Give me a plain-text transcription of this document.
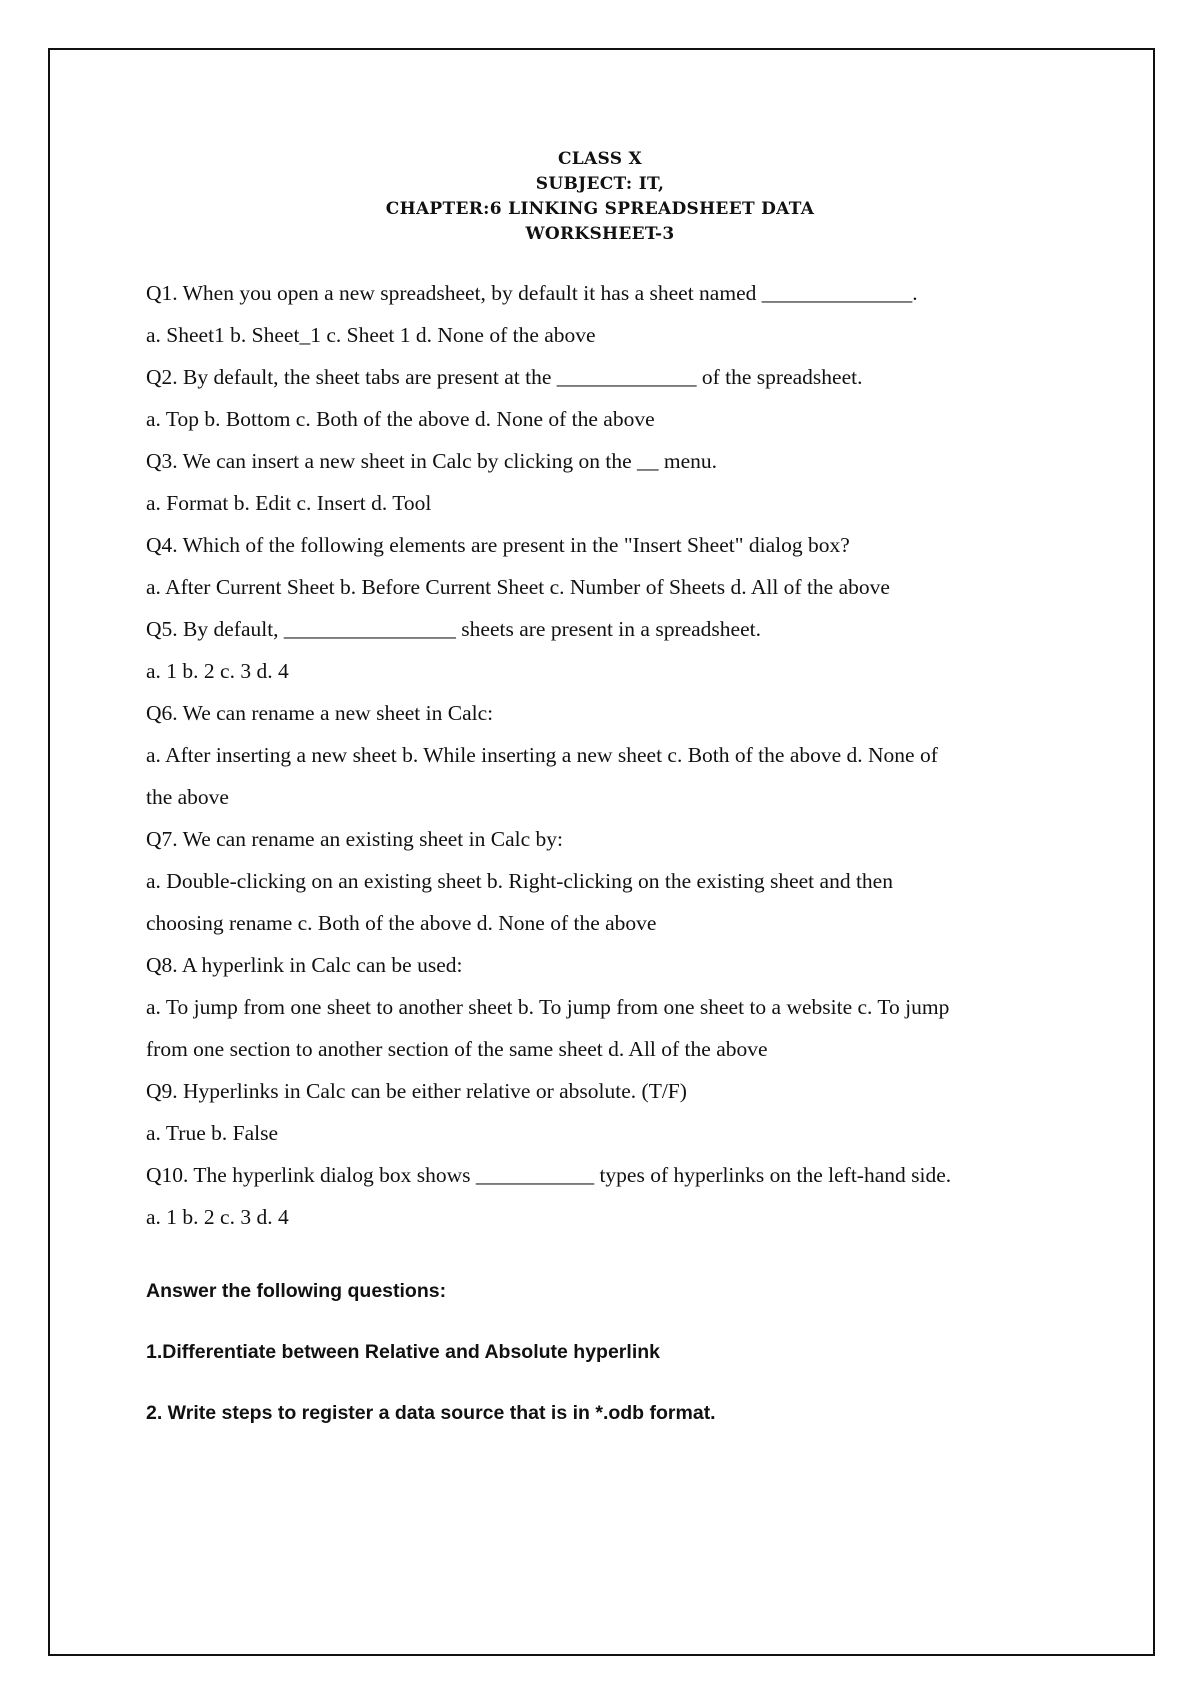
CLASS X
SUBJECT: IT,
CHAPTER:6 LINKING SPREADSHEET DATA
WORKSHEET-3

Q1. When you open a new spreadsheet, by default it has a sheet named ______________.

a. Sheet1 b. Sheet_1 c. Sheet 1 d. None of the above

Q2. By default, the sheet tabs are present at the _____________ of the spreadsheet.

a. Top b. Bottom c. Both of the above d. None of the above

Q3. We can insert a new sheet in Calc by clicking on the __ menu.

a. Format b. Edit c. Insert d. Tool

Q4. Which of the following elements are present in the "Insert Sheet" dialog box?

a. After Current Sheet b. Before Current Sheet c. Number of Sheets d. All of the above

Q5. By default, ________________ sheets are present in a spreadsheet.

a. 1 b. 2 c. 3 d. 4

Q6. We can rename a new sheet in Calc:

a. After inserting a new sheet b. While inserting a new sheet c. Both of the above d. None of

the above

Q7. We can rename an existing sheet in Calc by:

a. Double-clicking on an existing sheet b. Right-clicking on the existing sheet and then

choosing rename c. Both of the above d. None of the above

Q8. A hyperlink in Calc can be used:

a. To jump from one sheet to another sheet b. To jump from one sheet to a website c. To jump

from one section to another section of the same sheet d. All of the above

Q9. Hyperlinks in Calc can be either relative or absolute. (T/F)

a. True b. False

Q10. The hyperlink dialog box shows ___________ types of hyperlinks on the left-hand side.

a. 1 b. 2 c. 3 d. 4

Answer the following questions:

1.Differentiate between Relative and Absolute hyperlink

2. Write steps to register a data source that is in *.odb format.
